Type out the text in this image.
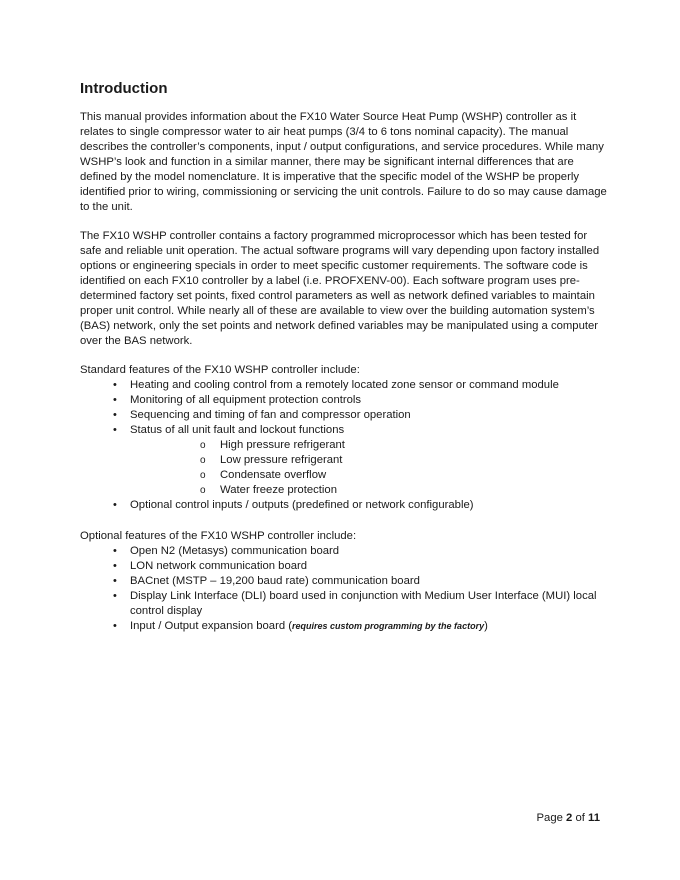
Introduction

This manual provides information about the FX10 Water Source Heat Pump (WSHP) controller as it relates to single compressor water to air heat pumps (3/4 to 6 tons nominal capacity). The manual describes the controller’s components, input / output configurations, and service procedures. While many WSHP’s look and function in a similar manner, there may be significant internal differences that are defined by the model nomenclature. It is imperative that the specific model of the WSHP be properly identified prior to wiring, commissioning or servicing the unit controls. Failure to do so may cause damage to the unit.

The FX10 WSHP controller contains a factory programmed microprocessor which has been tested for safe and reliable unit operation. The actual software programs will vary depending upon factory installed options or engineering specials in order to meet specific customer requirements. The software code is identified on each FX10 controller by a label (i.e. PROFXENV-00). Each software program uses pre-determined factory set points, fixed control parameters as well as network defined variables to maintain proper unit control. While nearly all of these are available to view over the building automation system’s (BAS) network, only the set points and network defined variables may be manipulated using a computer over the BAS network.

Standard features of the FX10 WSHP controller include:

• Heating and cooling control from a remotely located zone sensor or command module
• Monitoring of all equipment protection controls
• Sequencing and timing of fan and compressor operation
• Status of all unit fault and lockout functions
o High pressure refrigerant
o Low pressure refrigerant
o Condensate overflow
o Water freeze protection
• Optional control inputs / outputs (predefined or network configurable)

Optional features of the FX10 WSHP controller include:

• Open N2 (Metasys) communication board
• LON network communication board
• BACnet (MSTP – 19,200 baud rate) communication board
• Display Link Interface (DLI) board used in conjunction with Medium User Interface (MUI) local control display
• Input / Output expansion board (requires custom programming by the factory)
Page 2 of 11
